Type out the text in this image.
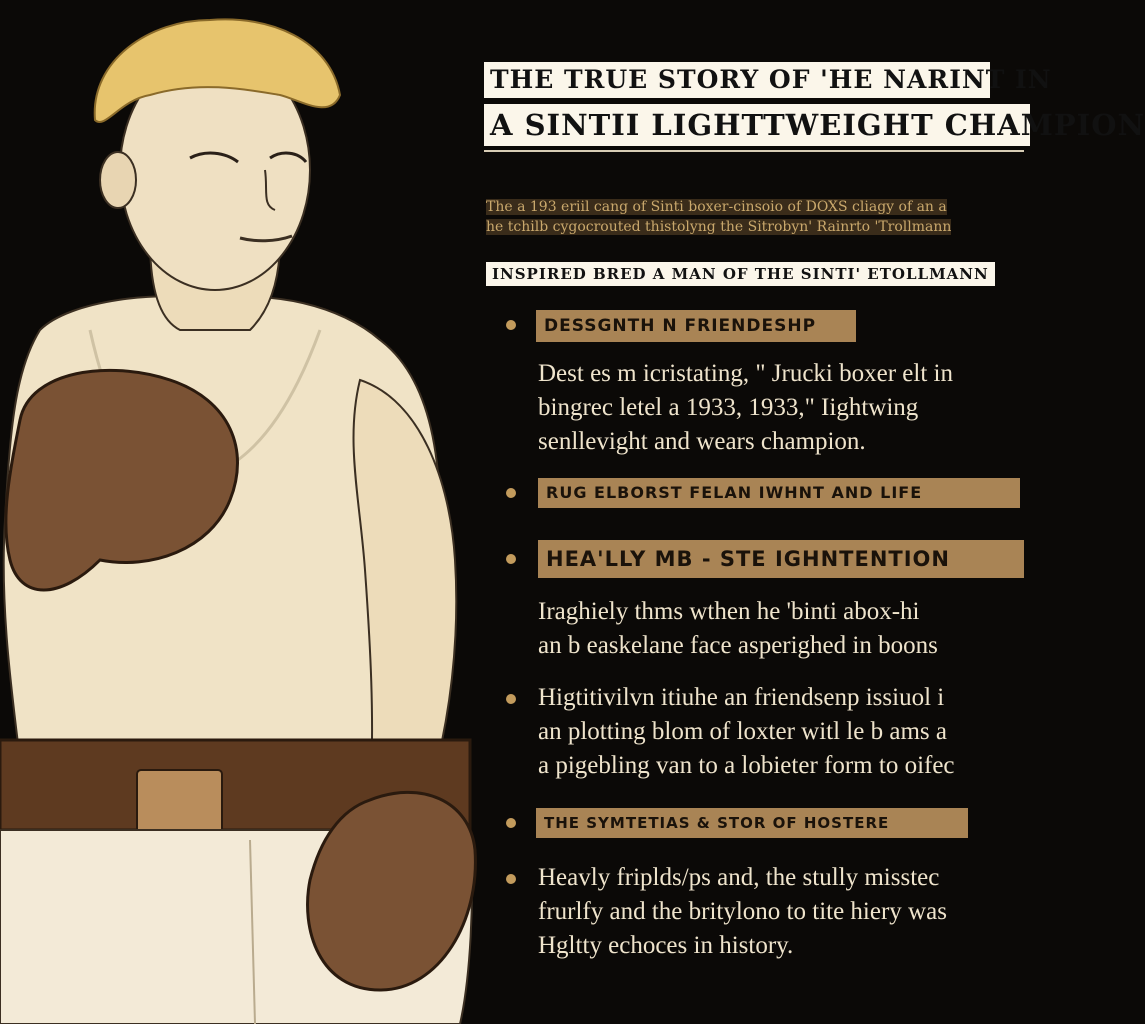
THE TRUE STORY OF 'HE NARINT IN
A SINTII LIGHTTWEIGHT CHAMPION
The a 193 eriil cang of Sinti boxer-cinsoio of DOXS cliagy of an a
he tchilb cygocrouted thistolyng the Sitrobyn' Rainrto 'Trollmann
INSPIRED BRED A MAN OF THE SINTI' ETOLLMANN
DESSGNTH N FRIENDESHP
Dest es m icristating, " Jrucki boxer elt in
bingrec letel a 1933, 1933," Iightwing
senllevight and wears champion.
RUG ELBORST FELAN IWHNT AND LIFE
HEA'LLY MB - STE IGHNTENTION
Iraghiely thms wthen he 'binti abox-hi
an b easkelane face asperighed in boons
Higtitivilvn itiuhe an friendsenp issiuol i
an plotting blom of loxter witl le b ams a
a pigebling van to a lobieter form to oifec
THE SYMTETIAS & STOR OF HOSTERE
Heavly friplds/ps and, the stully misstec
frurlfy and the britylono to tite hiery was
Hgltty echoces in history.
